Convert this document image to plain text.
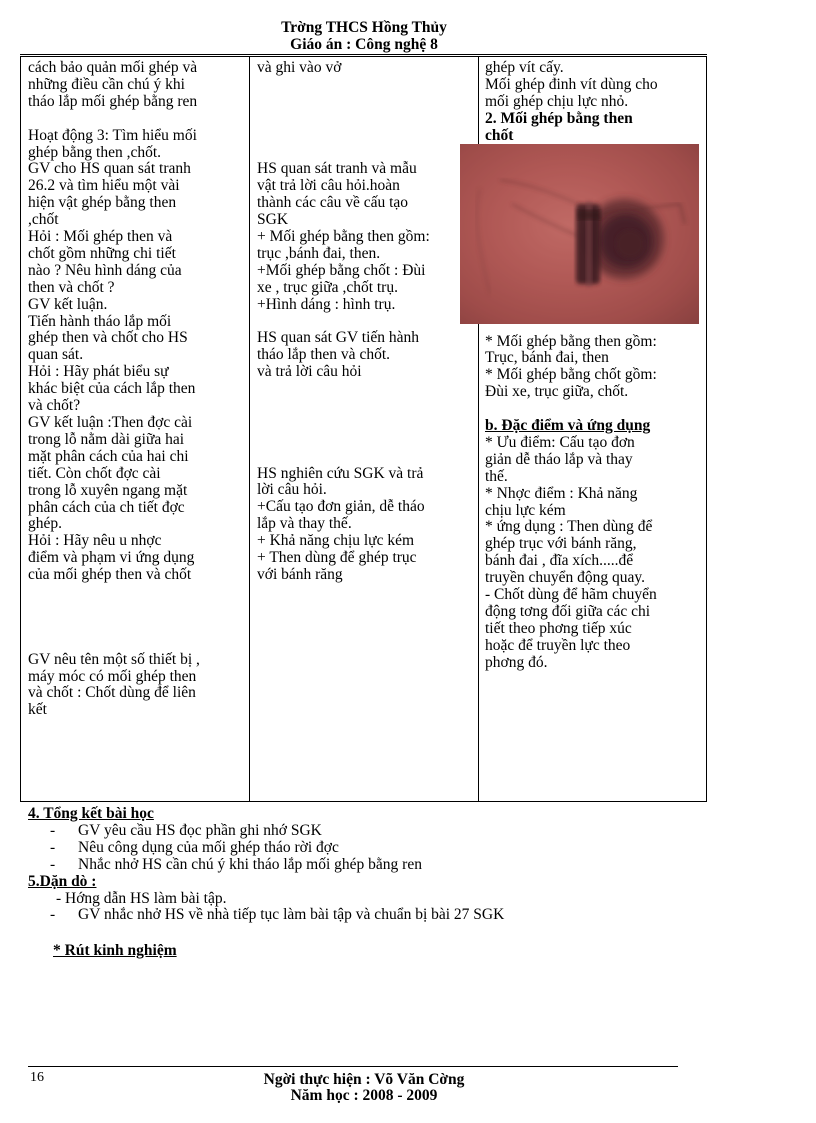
Trờng THCS Hồng Thủy
Giáo án : Công nghệ 8
cách bảo quản mối ghép và
những điều cần chú ý khi
tháo lắp mối ghép bằng ren
Hoạt động 3: Tìm hiểu mối
ghép bằng then ,chốt.
GV cho HS quan sát tranh
26.2 và tìm hiểu một vài
hiện vật ghép bằng then
,chốt
Hỏi : Mối ghép then và
chốt gồm những chi tiết
nào ? Nêu hình dáng của
then và chốt ?
GV kết luận.
Tiến hành tháo lắp mối
ghép then và chốt cho HS
quan sát.
Hỏi : Hãy phát biểu sự
khác biệt của cách lắp then
và chốt?
GV kết luận :Then đợc cài
trong lỗ nằm dài giữa hai
mặt phân cách của hai chi
tiết. Còn chốt đợc cài
trong lỗ xuyên ngang mặt
phân cách của ch tiết đợc
ghép.
Hỏi : Hãy nêu u nhợc
điểm và phạm vi ứng dụng
của mối ghép then và chốt
GV nêu tên một số thiết bị ,
máy móc có mối ghép then
và chốt : Chốt dùng để liên
kết
và ghi vào vở
HS quan sát tranh và mẫu
vật trả lời câu hỏi.hoàn
thành các câu về cấu tạo
SGK
+ Mối ghép bằng then gồm:
trục ,bánh đai, then.
+Mối ghép bằng chốt : Đùi
xe , trục giữa ,chốt trụ.
+Hình dáng : hình trụ.
HS quan sát GV tiến hành
tháo lắp then và chốt.
và trả lời câu hỏi
HS nghiên cứu SGK và trả
lời câu hỏi.
+Cấu tạo đơn giản, dễ tháo
lắp và thay thế.
+ Khả năng chịu lực kém
+ Then dùng để ghép trục
với bánh răng
ghép vít cấy.
Mối ghép đinh vít dùng cho
mối ghép chịu lực nhỏ.
2. Mối ghép bằng then
chốt
* Mối ghép bằng then gồm:
Trục, bánh đai, then
* Mối ghép bằng chốt gồm:
Đùi xe, trục giữa, chốt.
b. Đặc điểm và ứng dụng
* Ưu điểm: Cấu tạo đơn
giản dễ tháo lắp và thay
thế.
* Nhợc điểm : Khả năng
chịu lực kém
* ứng dụng : Then dùng để
ghép trục với bánh răng,
bánh đai , đĩa xích.....để
truyền chuyển động quay.
- Chốt dùng để hãm chuyển
động tơng đối giữa các chi
tiết theo phơng tiếp xúc
hoặc để truyền lực theo
phơng đó.
4. Tổng kết bài học
- GV yêu cầu HS đọc phần ghi nhớ SGK
- Nêu công dụng của mối ghép tháo rời đợc
- Nhắc nhở HS cần chú ý khi tháo lắp mối ghép bằng ren
5.Dặn dò :
- Hớng dẫn HS làm bài tập.
- GV nhắc nhở HS về nhà tiếp tục làm bài tập và chuẩn bị bài 27 SGK
* Rút kinh nghiệm
16	Ngời thực hiện : Võ Văn Cờng
Năm học : 2008 - 2009
